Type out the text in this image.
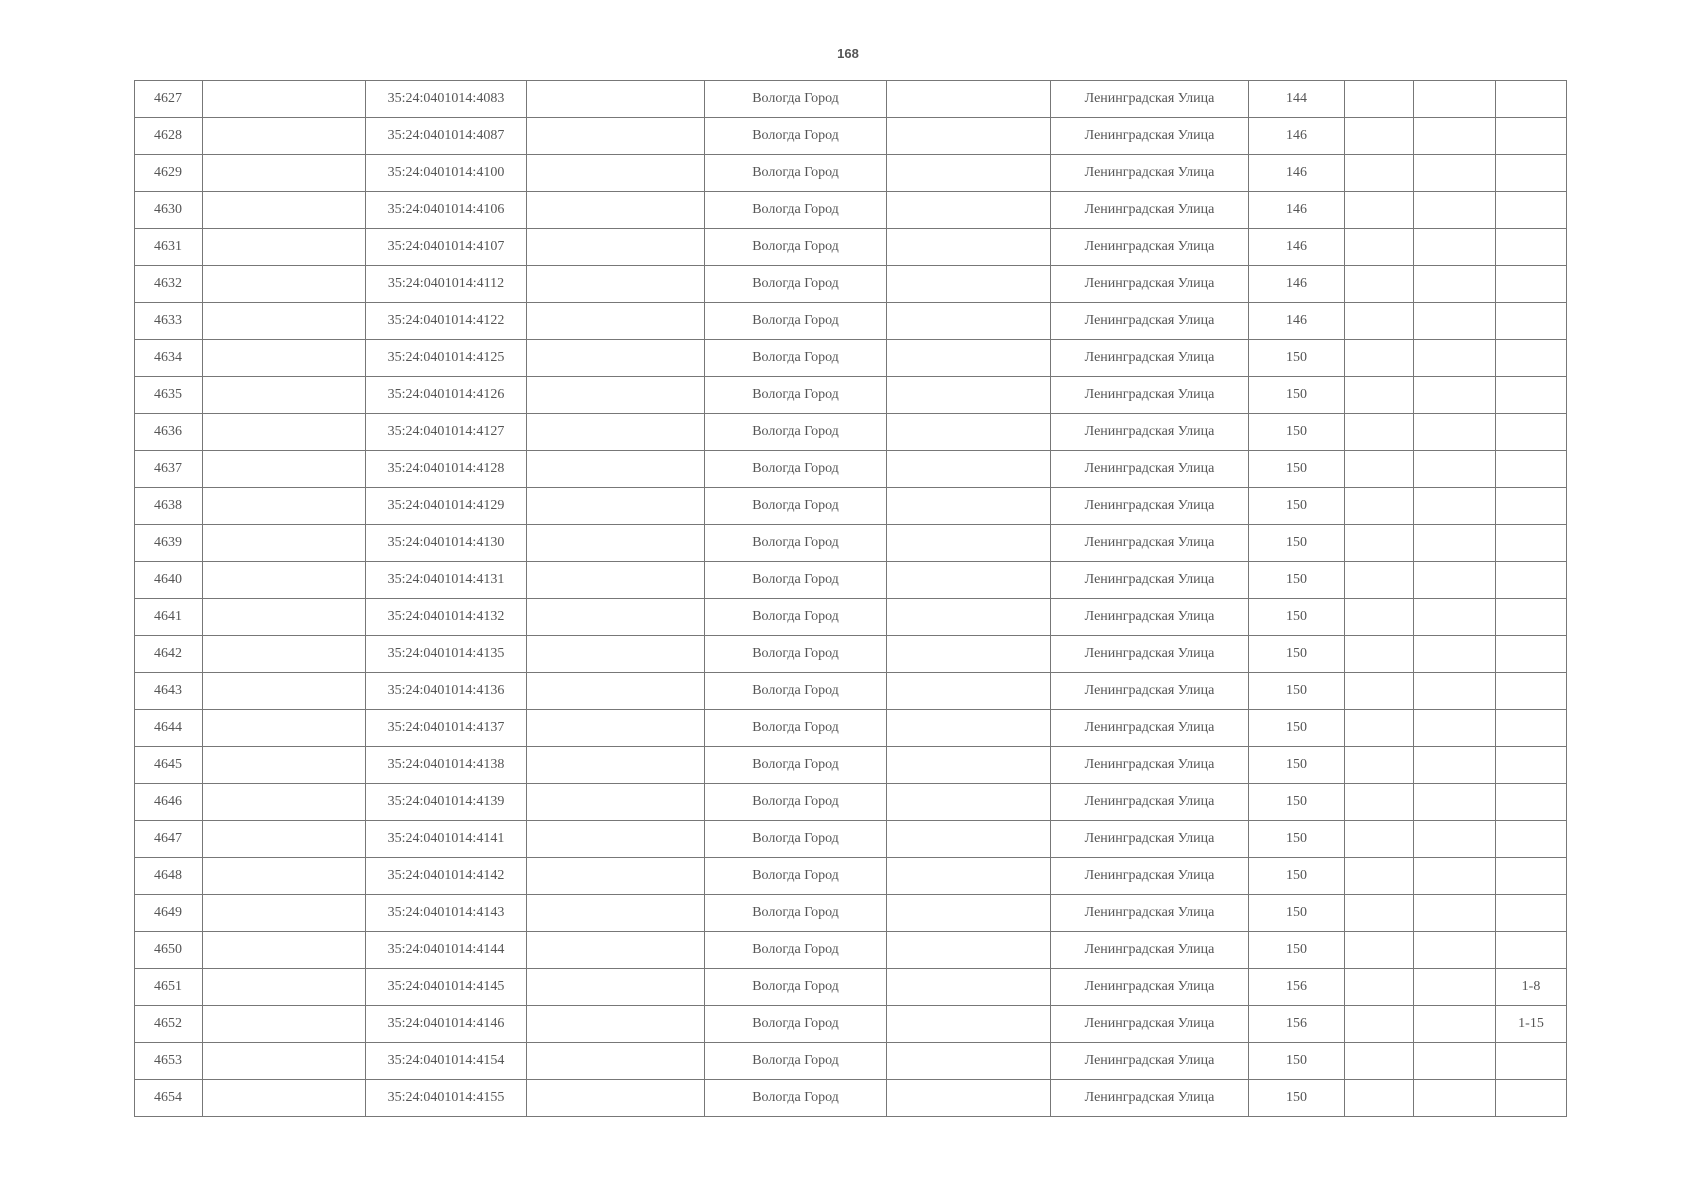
168
4627		35:24:0401014:4083		Вологда Город		Ленинградская Улица	144			
4628		35:24:0401014:4087		Вологда Город		Ленинградская Улица	146			
4629		35:24:0401014:4100		Вологда Город		Ленинградская Улица	146			
4630		35:24:0401014:4106		Вологда Город		Ленинградская Улица	146			
4631		35:24:0401014:4107		Вологда Город		Ленинградская Улица	146			
4632		35:24:0401014:4112		Вологда Город		Ленинградская Улица	146			
4633		35:24:0401014:4122		Вологда Город		Ленинградская Улица	146			
4634		35:24:0401014:4125		Вологда Город		Ленинградская Улица	150			
4635		35:24:0401014:4126		Вологда Город		Ленинградская Улица	150			
4636		35:24:0401014:4127		Вологда Город		Ленинградская Улица	150			
4637		35:24:0401014:4128		Вологда Город		Ленинградская Улица	150			
4638		35:24:0401014:4129		Вологда Город		Ленинградская Улица	150			
4639		35:24:0401014:4130		Вологда Город		Ленинградская Улица	150			
4640		35:24:0401014:4131		Вологда Город		Ленинградская Улица	150			
4641		35:24:0401014:4132		Вологда Город		Ленинградская Улица	150			
4642		35:24:0401014:4135		Вологда Город		Ленинградская Улица	150			
4643		35:24:0401014:4136		Вологда Город		Ленинградская Улица	150			
4644		35:24:0401014:4137		Вологда Город		Ленинградская Улица	150			
4645		35:24:0401014:4138		Вологда Город		Ленинградская Улица	150			
4646		35:24:0401014:4139		Вологда Город		Ленинградская Улица	150			
4647		35:24:0401014:4141		Вологда Город		Ленинградская Улица	150			
4648		35:24:0401014:4142		Вологда Город		Ленинградская Улица	150			
4649		35:24:0401014:4143		Вологда Город		Ленинградская Улица	150			
4650		35:24:0401014:4144		Вологда Город		Ленинградская Улица	150			
4651		35:24:0401014:4145		Вологда Город		Ленинградская Улица	156			1-8
4652		35:24:0401014:4146		Вологда Город		Ленинградская Улица	156			1-15
4653		35:24:0401014:4154		Вологда Город		Ленинградская Улица	150			
4654		35:24:0401014:4155		Вологда Город		Ленинградская Улица	150			
